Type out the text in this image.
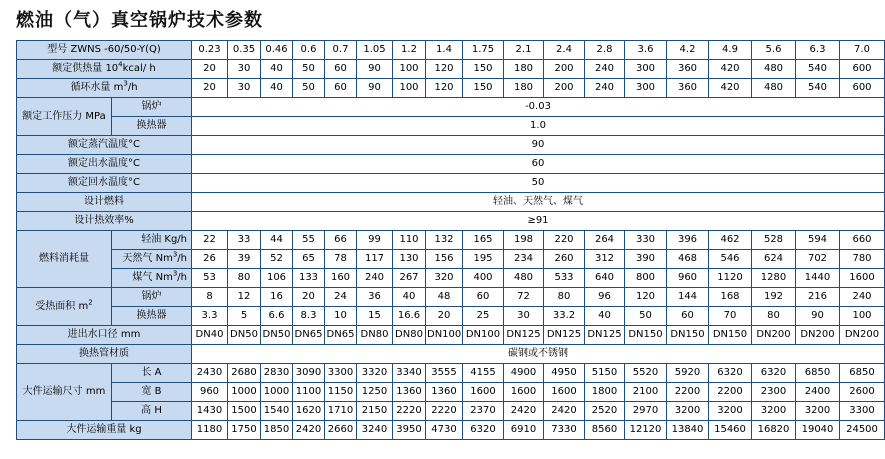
燃油（气）真空锅炉技术参数
型号 ZWNS -60/50-Y(Q)		0.23	0.35	0.46	0.6	0.7	1.05	1.2	1.4	1.75	2.1	2.4	2.8	3.6	4.2	4.9	5.6	6.3	7.0
额定供热量 $10^4kcal/$ h		20	30	40	50	60	90	100	120	150	180	200	240	300	360	420	480	540	600
循环水量 $m^3/h$		20	30	40	50	60	90	100	120	150	180	200	240	300	360	420	480	540	600
额定工作压力 MPa	锅炉	-0.03																	
	换热器	1.0																	
额定蒸汽温度°C		90																	
额定出水温度°C		60																	
额定回水温度°C		50																	
设计燃料		轻油、天然气、煤气																	
设计热效率%		≥91																	
燃料消耗量	轻油 Kg/h	22	33	44	55	66	99	110	132	165	198	220	264	330	396	462	528	594	660
	天然气 Nm$^3$/h	26	39	52	65	78	117	130	156	195	234	260	312	390	468	546	624	702	780
	煤气 Nm$^3$/h	53	80	106	133	160	240	267	320	400	480	533	640	800	960	1120	1280	1440	1600
受热面积 $m^2$	锅炉	8	12	16	20	24	36	40	48	60	72	80	96	120	144	168	192	216	240
	换热器	3.3	5	6.6	8.3	10	15	16.6	20	25	30	33.2	40	50	60	70	80	90	100
进出水口径 mm		DN40	DN50	DN50	DN65	DN65	DN80	DN80	DN100	DN100	DN125	DN125	DN125	DN150	DN150	DN150	DN200	DN200	DN200
换热管材质		碳钢或不锈钢																	
大件运输尺寸 mm	长 A	2430	2680	2830	3090	3300	3320	3340	3555	4155	4900	4950	5150	5520	5920	6320	6320	6850	6850
	宽 B	960	1000	1000	1100	1150	1250	1360	1360	1600	1600	1600	1800	2100	2200	2200	2300	2400	2600
	高 H	1430	1500	1540	1620	1710	2150	2220	2220	2370	2420	2420	2520	2970	3200	3200	3200	3200	3300
大件运输重量 kg		1180	1750	1850	2420	2660	3240	3950	4730	6320	6910	7330	8560	12120	13840	15460	16820	19040	24500
